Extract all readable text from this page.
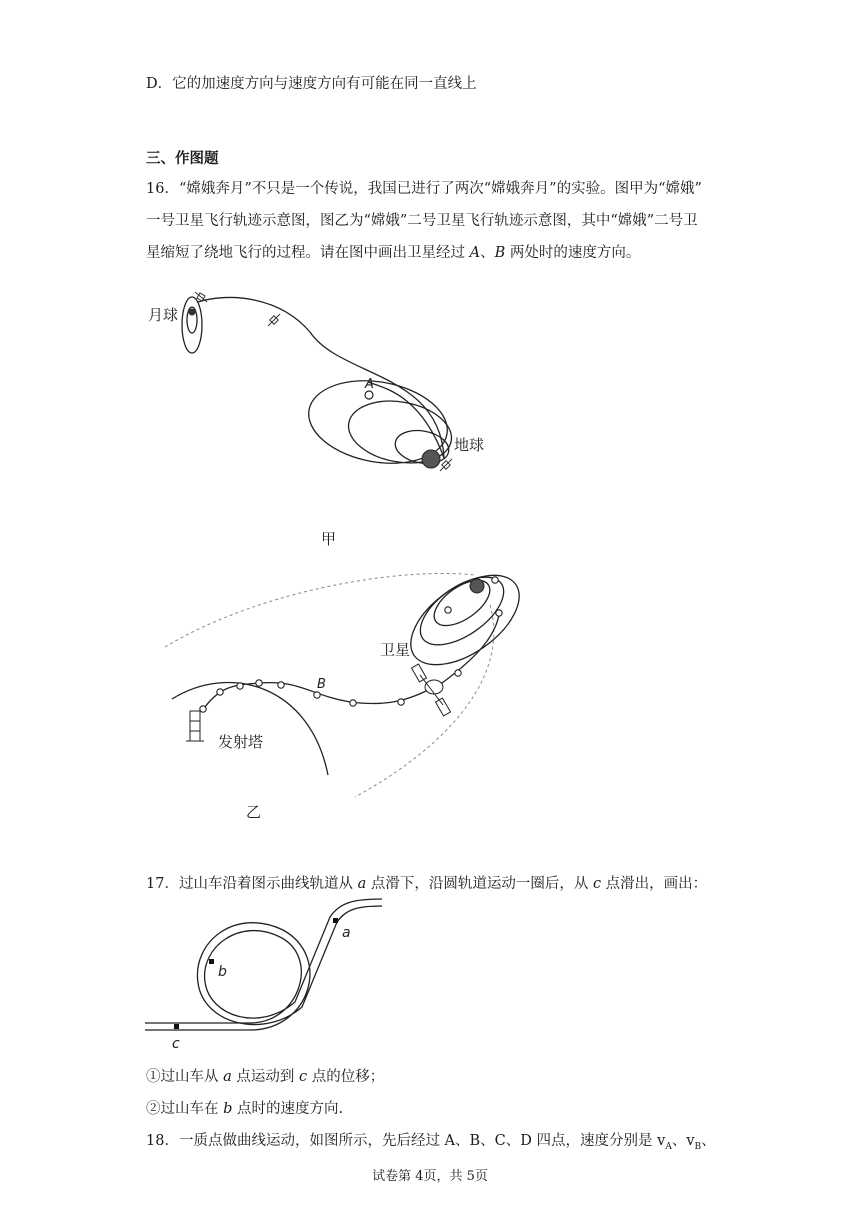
D．它的加速度方向与速度方向有可能在同一直线上
三、作图题
16．“嫦娥奔月”不只是一个传说，我国已进行了两次“嫦娥奔月”的实验。图甲为“嫦娥”
一号卫星飞行轨迹示意图，图乙为“嫦娥”二号卫星飞行轨迹示意图，其中“嫦娥”二号卫
星缩短了绕地飞行的过程。请在图中画出卫星经过 A、B 两处时的速度方向。
月球
地球
A
甲
卫星
B
发射塔
乙
17．过山车沿着图示曲线轨道从 a 点滑下，沿圆轨道运动一圈后，从 c 点滑出，画出：
a
b
c
①过山车从 a 点运动到 c 点的位移；
②过山车在 b 点时的速度方向.
18．一质点做曲线运动，如图所示，先后经过 A、B、C、D 四点，速度分别是 $v_A$、$v_B$、
试卷第 4页，共 5页
